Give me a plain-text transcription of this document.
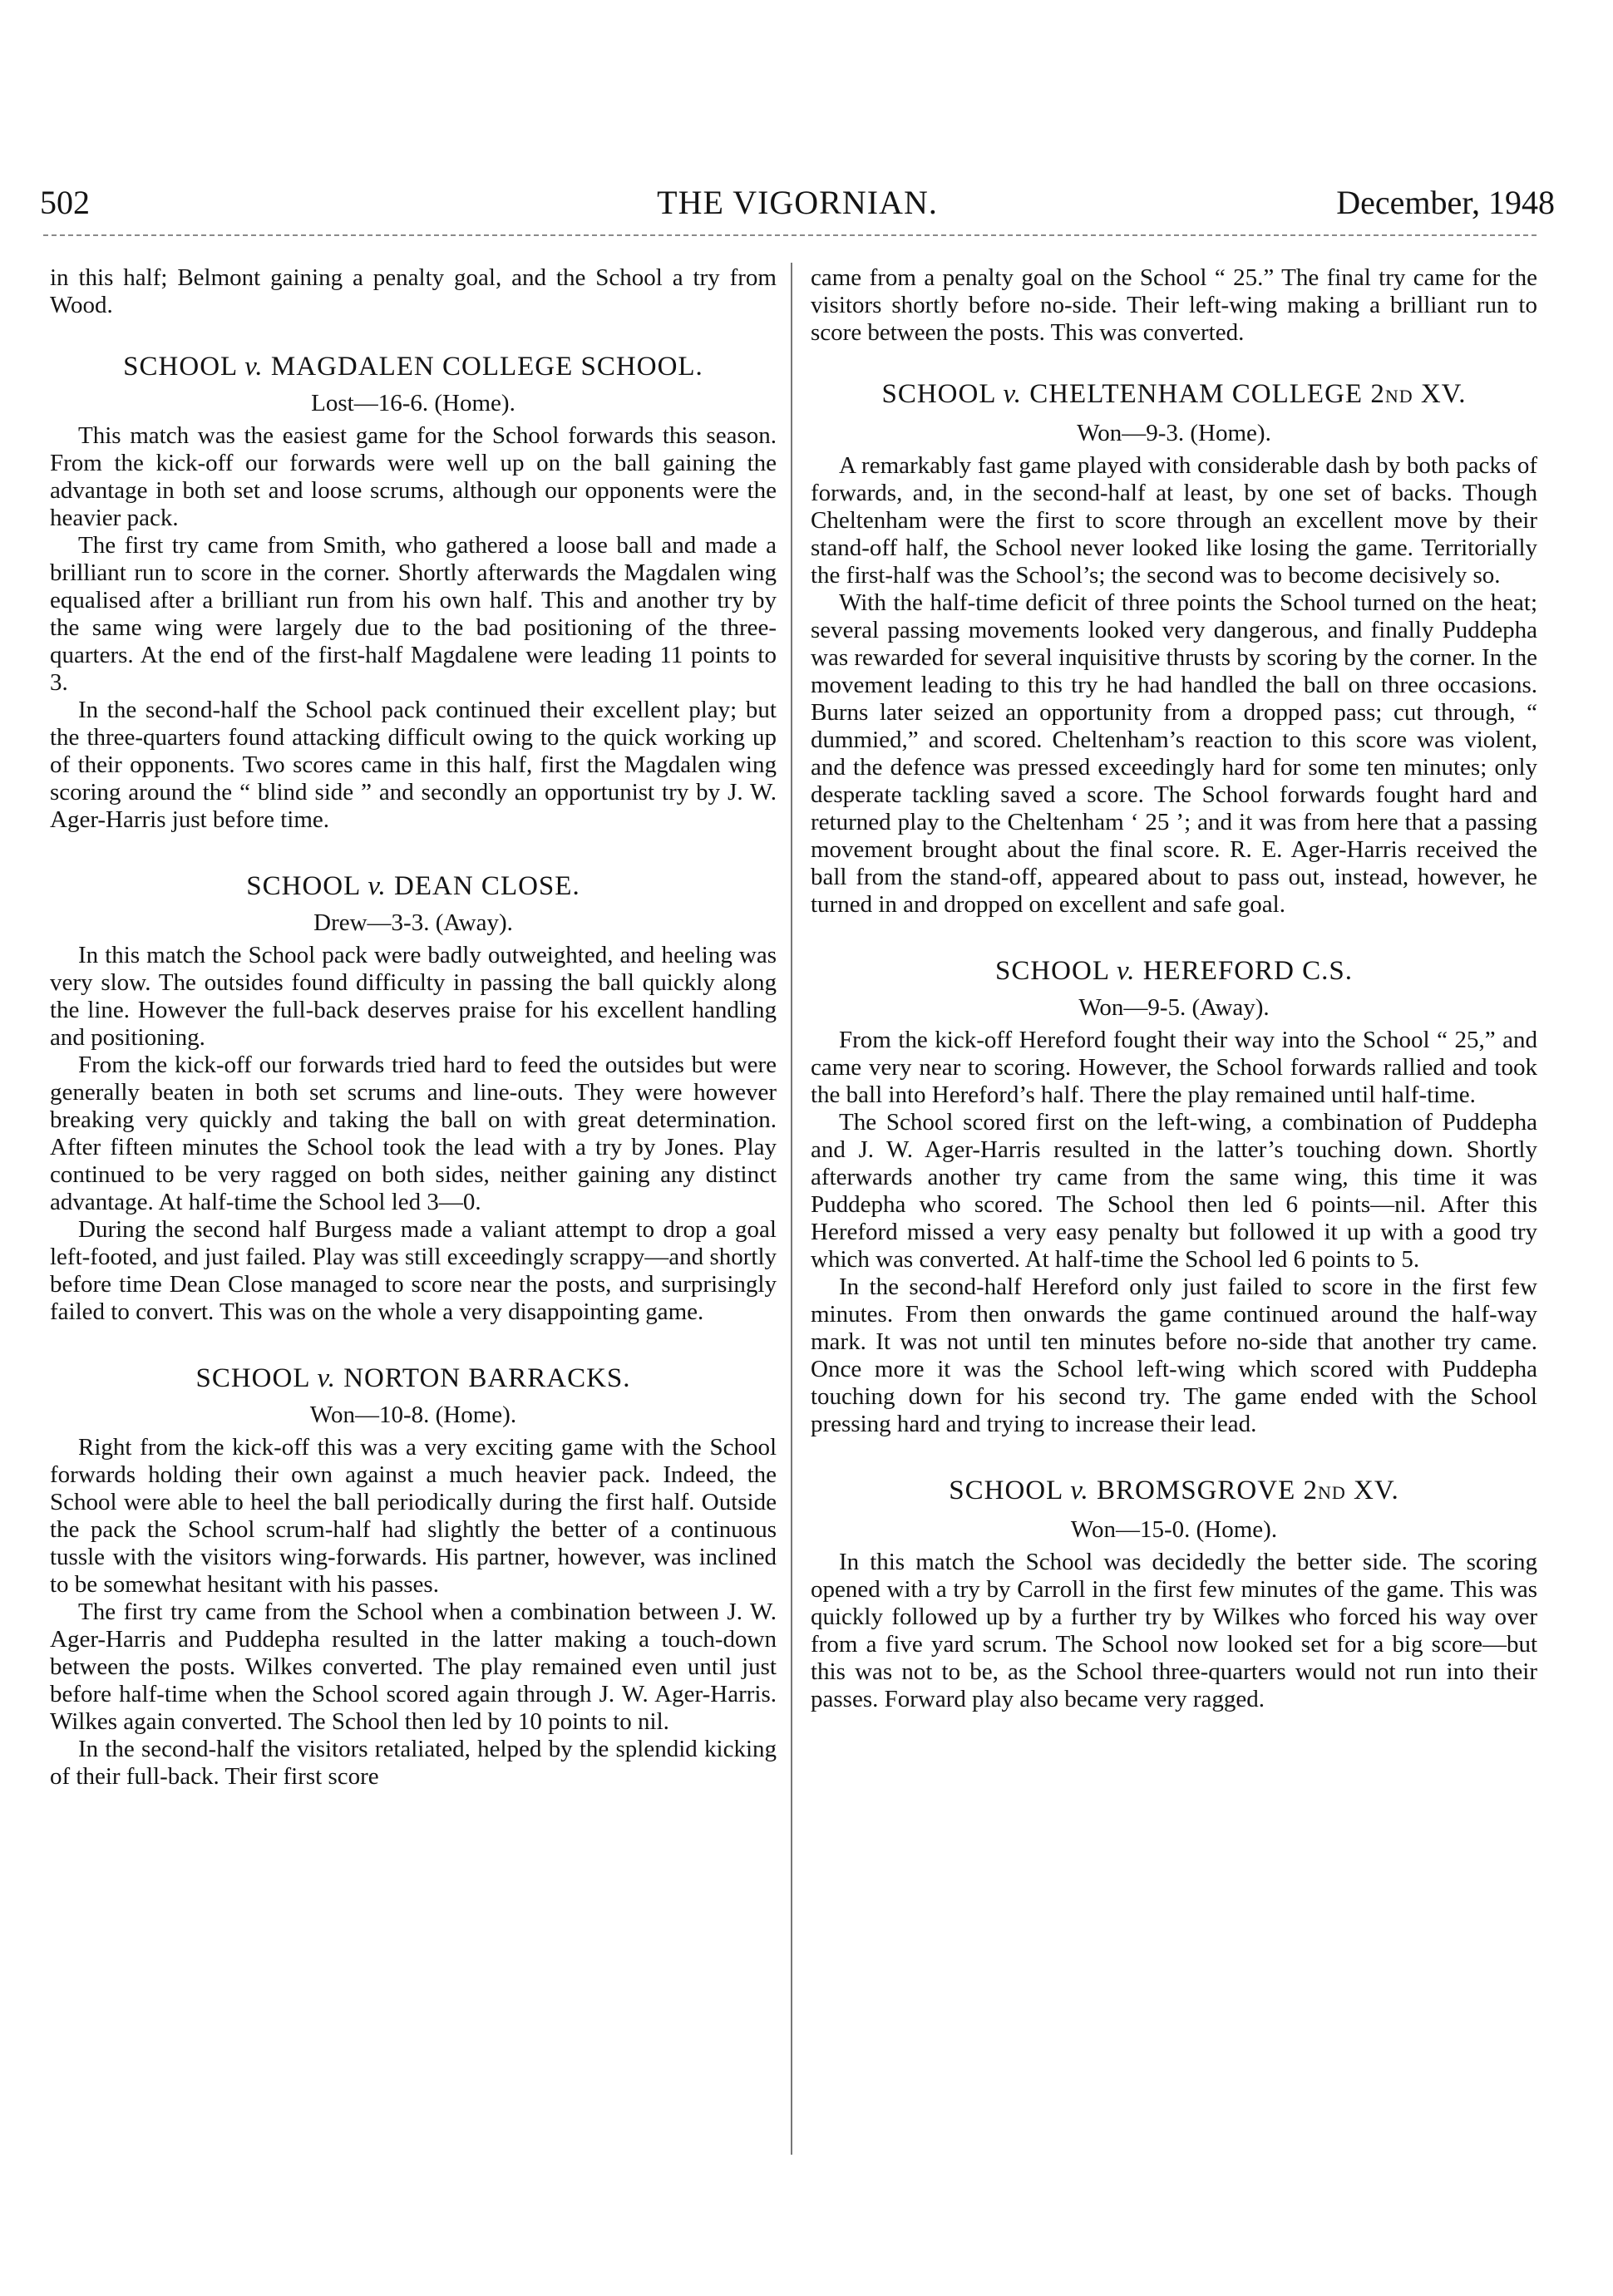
502	THE VIGORNIAN.	December, 1948

in this half; Belmont gaining a penalty goal, and the School a try from Wood.

SCHOOL v. MAGDALEN COLLEGE SCHOOL.
Lost—16-6. (Home).

This match was the easiest game for the School forwards this season. From the kick-off our forwards were well up on the ball gaining the advantage in both set and loose scrums, although our opponents were the heavier pack.

The first try came from Smith, who gathered a loose ball and made a brilliant run to score in the corner. Shortly afterwards the Magdalen wing equalised after a brilliant run from his own half. This and another try by the same wing were largely due to the bad positioning of the three-quarters. At the end of the first-half Magdalene were leading 11 points to 3.

In the second-half the School pack continued their excellent play; but the three-quarters found attacking difficult owing to the quick working up of their opponents. Two scores came in this half, first the Magdalen wing scoring around the “ blind side ” and secondly an opportunist try by J. W. Ager-Harris just before time.

SCHOOL v. DEAN CLOSE.
Drew—3-3. (Away).

In this match the School pack were badly outweighted, and heeling was very slow. The outsides found difficulty in passing the ball quickly along the line. However the full-back deserves praise for his excellent handling and positioning.

From the kick-off our forwards tried hard to feed the outsides but were generally beaten in both set scrums and line-outs. They were however breaking very quickly and taking the ball on with great determination. After fifteen minutes the School took the lead with a try by Jones. Play continued to be very ragged on both sides, neither gaining any distinct advantage. At half-time the School led 3—0.

During the second half Burgess made a valiant attempt to drop a goal left-footed, and just failed. Play was still exceedingly scrappy—and shortly before time Dean Close managed to score near the posts, and surprisingly failed to convert. This was on the whole a very disappointing game.

SCHOOL v. NORTON BARRACKS.
Won—10-8. (Home).

Right from the kick-off this was a very exciting game with the School forwards holding their own against a much heavier pack. Indeed, the School were able to heel the ball periodically during the first half. Outside the pack the School scrum-half had slightly the better of a continuous tussle with the visitors wing-forwards. His partner, however, was inclined to be somewhat hesitant with his passes.

The first try came from the School when a combination between J. W. Ager-Harris and Puddepha resulted in the latter making a touch-down between the posts. Wilkes converted. The play remained even until just before half-time when the School scored again through J. W. Ager-Harris. Wilkes again converted. The School then led by 10 points to nil.

In the second-half the visitors retaliated, helped by the splendid kicking of their full-back. Their first score

came from a penalty goal on the School “ 25.” The final try came for the visitors shortly before no-side. Their left-wing making a brilliant run to score between the posts. This was converted.

SCHOOL v. CHELTENHAM COLLEGE 2ND XV.
Won—9-3. (Home).

A remarkably fast game played with considerable dash by both packs of forwards, and, in the second-half at least, by one set of backs. Though Cheltenham were the first to score through an excellent move by their stand-off half, the School never looked like losing the game. Territorially the first-half was the School’s; the second was to become decisively so.

With the half-time deficit of three points the School turned on the heat; several passing movements looked very dangerous, and finally Puddepha was rewarded for several inquisitive thrusts by scoring by the corner. In the movement leading to this try he had handled the ball on three occasions. Burns later seized an opportunity from a dropped pass; cut through, “ dummied,” and scored. Cheltenham’s reaction to this score was violent, and the defence was pressed exceedingly hard for some ten minutes; only desperate tackling saved a score. The School forwards fought hard and returned play to the Cheltenham ‘ 25 ’; and it was from here that a passing movement brought about the final score. R. E. Ager-Harris received the ball from the stand-off, appeared about to pass out, instead, however, he turned in and dropped on excellent and safe goal.

SCHOOL v. HEREFORD C.S.
Won—9-5. (Away).

From the kick-off Hereford fought their way into the School “ 25,” and came very near to scoring. However, the School forwards rallied and took the ball into Hereford’s half. There the play remained until half-time.

The School scored first on the left-wing, a combination of Puddepha and J. W. Ager-Harris resulted in the latter’s touching down. Shortly afterwards another try came from the same wing, this time it was Puddepha who scored. The School then led 6 points—nil. After this Hereford missed a very easy penalty but followed it up with a good try which was converted. At half-time the School led 6 points to 5.

In the second-half Hereford only just failed to score in the first few minutes. From then onwards the game continued around the half-way mark. It was not until ten minutes before no-side that another try came. Once more it was the School left-wing which scored with Puddepha touching down for his second try. The game ended with the School pressing hard and trying to increase their lead.

SCHOOL v. BROMSGROVE 2ND XV.
Won—15-0. (Home).

In this match the School was decidedly the better side. The scoring opened with a try by Carroll in the first few minutes of the game. This was quickly followed up by a further try by Wilkes who forced his way over from a five yard scrum. The School now looked set for a big score—but this was not to be, as the School three-quarters would not run into their passes. Forward play also became very ragged.
